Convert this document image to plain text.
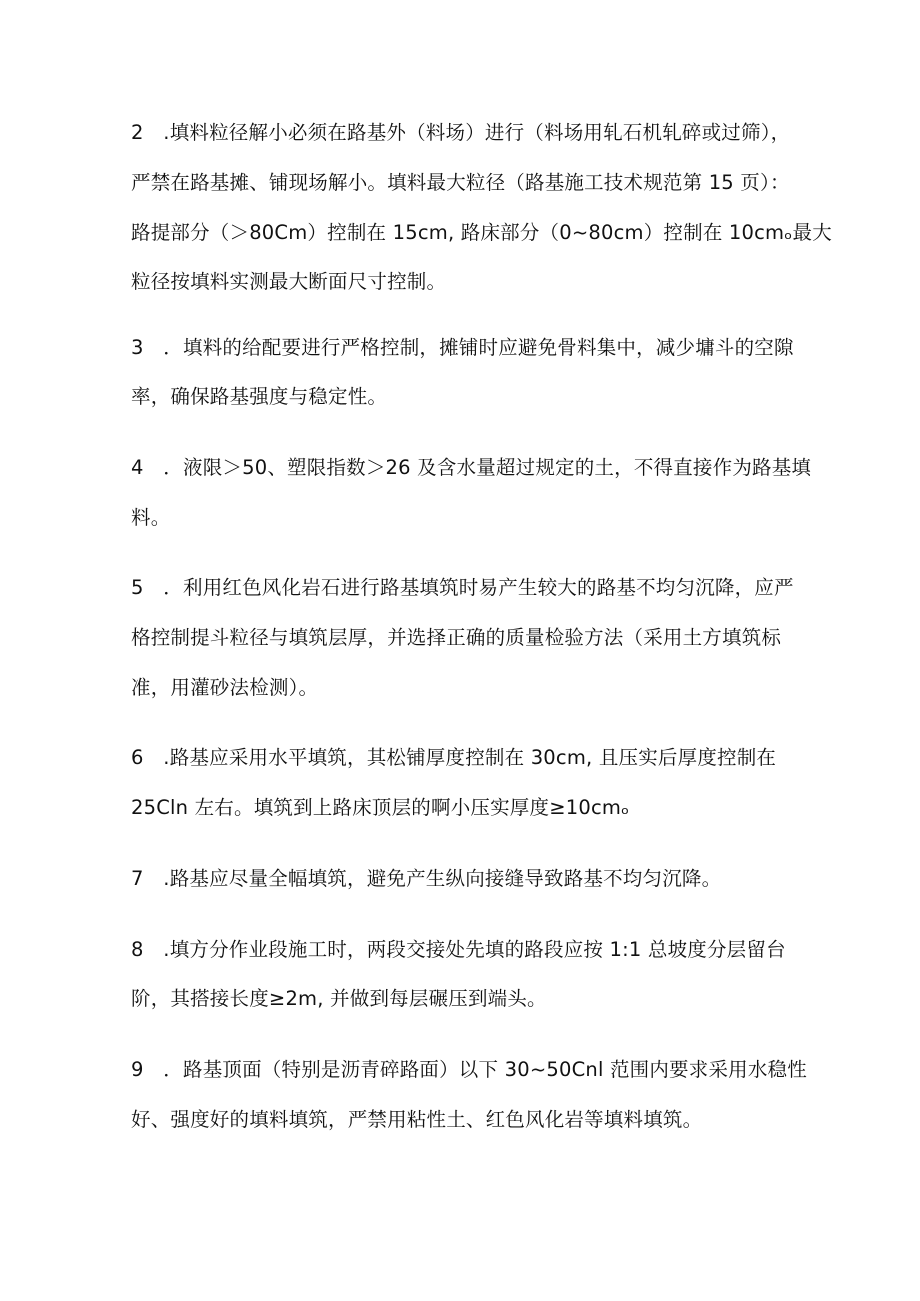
2　.填料粒径解小必须在路基外（料场）进行（料场用轧石机轧碎或过筛），
严禁在路基摊、铺现场解小。填料最大粒径（路基施工技术规范第 15 页）：
路提部分（＞80Cm）控制在 15cm, 路床部分（0~80cm）控制在 10cmₒ最大
粒径按填料实测最大断面尺寸控制。
3　．填料的给配要进行严格控制，摊铺时应避免骨料集中，减少墉斗的空隙
率，确保路基强度与稳定性。
4　．液限＞50、塑限指数＞26 及含水量超过规定的土，不得直接作为路基填
料。
5　．利用红色风化岩石进行路基填筑时易产生较大的路基不均匀沉降，应严
格控制提斗粒径与填筑层厚，并选择正确的质量检验方法（采用土方填筑标
准，用灌砂法检测）。
6　.路基应采用水平填筑，其松铺厚度控制在 30cm, 且压实后厚度控制在
25Cln 左右。填筑到上路床顶层的啊小压实厚度≥10cmₒ
7　.路基应尽量全幅填筑，避免产生纵向接缝导致路基不均匀沉降。
8　.填方分作业段施工时，两段交接处先填的路段应按 1:1 总坡度分层留台
阶，其搭接长度≥2m, 并做到每层碾压到端头。
9　．路基顶面（特别是沥青碎路面）以下 30~50Cnl 范围内要求采用水稳性
好、强度好的填料填筑，严禁用粘性土、红色风化岩等填料填筑。
